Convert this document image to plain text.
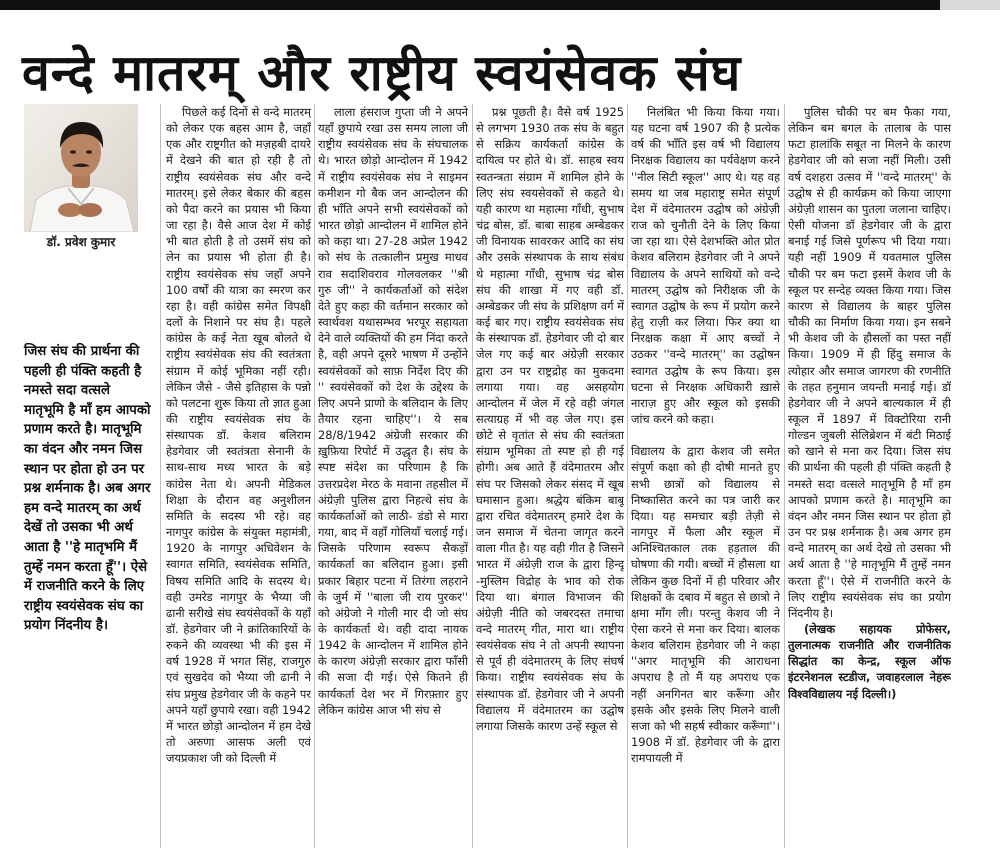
वन्दे मातरम् और राष्ट्रीय स्वयंसेवक संघ
डॉ. प्रवेश कुमार
जिस संघ की प्रार्थना की पहली ही पंक्ति कहती है नमस्ते सदा वत्सले मातृभूमि है माँ हम आपको प्रणाम करते है। मातृभूमि का वंदन और नमन जिस स्थान पर होता हो उन पर प्रश्न शर्मनाक है। अब अगर हम वन्दे मातरम् का अर्थ देखें तो उसका भी अर्थ आता है ''हे मातृभमि मैं तुम्हें नमन करता हूँ''। ऐसे में राजनीति करने के लिए राष्ट्रीय स्वयंसेवक संघ का प्रयोग निंदनीय है।

पिछले कई दिनों से वन्दे मातरम् को लेकर एक बहस आम है, जहाँ एक और राष्ट्रगीत को मज़हबी दायरे में देखने की बात हो रही है तो राष्ट्रीय स्वयंसेवक संघ और वन्दे मातरम्। इसे लेकर बेकार की बहस को पैदा करने का प्रयास भी किया जा रहा है। वैसे आज देश में कोई भी बात होती है तो उसमें संघ को लेन का प्रयास भी होता ही है। राष्ट्रीय स्वयंसेवक संघ जहाँ अपने 100 वर्षों की यात्रा का स्मरण कर रहा है। वही कांग्रेस समेत विपक्षी दलों के निशाने पर संघ है। पहले कांग्रेस के कई नेता खूब बोलते थे राष्ट्रीय स्वयंसेवक संघ की स्वतंत्रता संग्राम में कोई भूमिका नहीं रही। लेकिन जैसे - जैसे इतिहास के पन्नो को पलटना शुरू किया तो ज्ञात हुआ की राष्ट्रीय स्वयंसेवक संघ के संस्थापक डॉ. केशव बलिराम हेडगेवार जी स्वतंत्रता सेनानी के साथ-साथ मध्य भारत के बड़े कांग्रेस नेता थे। अपनी मेडिकल शिक्षा के दौरान वह अनुशीलन समिति के सदस्य भी रहे। वह नागपुर कांग्रेस के संयुक्त महामंत्री, 1920 के नागपुर अधिवेशन के स्वागत समिति, स्वयंसेवक समिति, विषय समिति आदि के सदस्य थे। वही उमरेड नागपुर के भैय्या जी ढानी सरीखे संघ स्वयंसेवकों के यहाँ डॉ. हेडगेवार जी ने क्रांतिकारियों के रुकने की व्यवस्था भी की इस में वर्ष 1928 में भगत सिंह, राजगुरु एवं सुखदेव को भैय्या जी ढानी ने संघ प्रमुख हेडगेवार जी के कहने पर अपने यहाँ छुपाये रखा। वही 1942 में भारत छोड़ो आन्दोलन में हम देखे तो अरुणा आसफ अली एवं जयप्रकाश जी को दिल्ली में

लाला हंसराज गुप्ता जी ने अपने यहाँ छुपाये रखा उस समय लाला जी राष्ट्रीय स्वयंसेवक संघ के संघचालक थे। भारत छोड़ो आन्दोलन में 1942 में राष्ट्रीय स्वयंसेवक संघ ने साइमन कमीशन गो बैक जन आन्दोलन की ही भाँति अपने सभी स्वयंसेवकों को भारत छोड़ो आन्दोलन में शामिल होने को कहा था। 27-28 अप्रेल 1942 को संघ के तत्कालीन प्रमुख माधव राव सदाशिवराव गोलवलकर ''श्री गुरु जी'' ने कार्यकर्ताओं को संदेश देते हुए कहा की वर्तमान सरकार को स्वार्थवश यथासम्भव भरपूर सहायता देने वाले व्यक्तियों की हम निंदा करते है, वही अपने दूसरे भाषण में उन्होंने स्वयंसेवकों को साफ़ निर्देश दिए की '' स्वयंसेवकों को देश के उद्देश्य के लिए अपने प्राणो के बलिदान के लिए तैयार रहना चाहिए''। ये सब 28/8/1942 अंग्रेजी सरकार की ख़ुफ़िया रिपोर्ट में उद्धृत है। संघ के स्पष्ट संदेश का परिणाम है कि उत्तरप्रदेश मेरठ के मवाना तहसील में अंग्रेज़ी पुलिस द्वारा निहत्थे संघ के कार्यकर्ताओं को लाठी- डंडो से मारा गया, बाद में वहाँ गोलियाँ चलाई गई। जिसके परिणाम स्वरूप सैकड़ों कार्यकर्ता का बलिदान हुआ। इसी प्रकार बिहार पटना में तिरंगा लहराने के जुर्म में ''बाला जी राय पुरकर'' को अंग्रेजो ने गोली मार दी जो संघ के कार्यकर्ता थे। वही दादा नायक 1942 के आन्दोलन में शामिल होने के कारण अंग्रेज़ी सरकार द्वारा फाँसी की सजा दी गई। ऐसे कितने ही कार्यकर्ता देश भर में गिरफ़्तार हुए लेकिन कांग्रेस आज भी संघ से

प्रश्न पूछती है। वैसे वर्ष 1925 से लगभग 1930 तक संघ के बहुत से सक्रिय कार्यकर्ता कांग्रेस के दायित्व पर होते थे। डॉ. साहब स्वय स्वतन्त्रता संग्राम में शामिल होने के लिए संघ स्वयसेवकों से कहते थे। यही कारण था महात्मा गाँधी, सुभाष चंद्र बोस, डॉ. बाबा साहब अम्बेडकर जी विनायक सावरकर आदि का संघ और उसके संस्थापक के साथ संबंध थे महात्मा गाँधी, सुभाष चंद्र बोस संघ की शाखा में गए वही डॉ. अम्बेडकर जी संघ के प्रशिक्षण वर्ग में कई बार गए। राष्ट्रीय स्वयंसेवक संघ के संस्थापक डॉ. हेडगेवार जी दो बार जेल गए कई बार अंग्रेज़ी सरकार द्वारा उन पर राष्ट्रद्रोह का मुकदमा लगाया गया। वह असहयोग आन्दोलन में जेल में रहे वही जंगल सत्याग्रह में भी वह जेल गए। इस छोटे से वृतांत से संघ की स्वतंत्रता संग्राम भूमिका तो स्पष्ट हो ही गई होगी। अब आते हैं वंदेमातरम और संघ पर जिसको लेकर संसद में खूब घमासान हुआ। श्रद्धेय बंकिम बाबू द्वारा रचित वंदेमातरम् हमारे देश के जन समाज में चेतना जागृत करने वाला गीत है। यह वही गीत है जिसने भारत में अंग्रेज़ी राज के द्वारा हिन्दू -मुस्लिम विद्रोह के भाव को रोक दिया था। बंगाल विभाजन की अंग्रेज़ी नीति को जबरदस्त तमाचा वन्दे मातरम् गीत, मारा था। राष्ट्रीय स्वयंसेवक संघ ने तो अपनी स्थापना से पूर्व ही वंदेमातरम् के लिए संघर्ष किया। राष्ट्रीय स्वयंसेवक संघ के संस्थापक डॉ. हेडगेवार जी ने अपनी विद्यालय में वंदेमातरम का उद्घोष लगाया जिसके कारण उन्हें स्कूल से

निलंबित भी किया किया गया। यह घटना वर्ष 1907 की है प्रत्येक वर्ष की भाँति इस वर्ष भी विद्यालय निरक्षक विद्यालय का पर्यवेक्षण करने ''नील सिटी स्कूल'' आए थे। यह वह समय था जब महाराष्ट्र समेत संपूर्ण देश में वंदेमातरम उद्घोष को अंग्रेज़ी राज को चुनौती देने के लिए किया जा रहा था। ऐसे देशभक्ति ओत प्रोत केशव बलिराम हेडगेवार जी ने अपने विद्यालय के अपने साथियों को वन्दे मातरम् उद्घोष को निरीक्षक जी के स्वागत उद्घोष के रूप में प्रयोग करने हेतु राज़ी कर लिया। फिर क्या था निरक्षक कक्षा में आए बच्चों ने उठकर ''वन्दे मातरम्'' का उद्घोषन स्वागत उद्घोष के रूप किया। इस घटना से निरक्षक अधिकारी ख़ासे नाराज़ हुए और स्कूल को इसकी जांच करने को कहा।

विद्यालय के द्वारा केशव जी समेत संपूर्ण कक्षा को ही दोषी मानते हुए सभी छात्रों को विद्यालय से निष्कासित करने का पत्र जारी कर दिया। यह समचार बड़ी तेज़ी से नागपुर में फैला और स्कूल में अनिश्चितकाल तक हड़ताल की घोषणा की गयी। बच्चों में हौसला था लेकिन कुछ दिनों में ही परिवार और शिक्षकों के दबाव में बहुत से छात्रो ने क्षमा माँग ली। परन्तु केशव जी ने ऐसा करने से मना कर दिया। बालक केशव बलिराम हेडगेवार जी ने कहा ''अगर मातृभूमि की आराधना अपराध है तो मैं यह अपराध एक नहीं अनगिनत बार करूँगा और इसके और इसके लिए मिलने वाली सजा को भी सहर्ष स्वीकार करूँगा''। 1908 में डॉ. हेडगेवार जी के द्वारा रामपायली में

पुलिस चौकी पर बम फैका गया, लेकिन बम बगल के तालाब के पास फटा हालांकि सबूत ना मिलने के कारण हेडगेवार जी को सजा नहीं मिली। उसी वर्ष दशहरा उत्सव में ''वन्दे मातरम्'' के उद्घोष से ही कार्यक्रम को किया जाएगा अंग्रेज़ी शासन का पुतला जलाना चाहिए। ऐसी योजना डॉ हेडगेवार जी के द्वारा बनाई गई जिसे पूर्णरूप भी दिया गया। यही नहीं 1909 में यवतमाल पुलिस चौकी पर बम फटा इसमें केशव जी के स्कूल पर सन्देह व्यक्त किया गया। जिस कारण से विद्यालय के बाहर पुलिस चौकी का निर्माण किया गया। इन सबने भी केशव जी के हौसलों का पस्त नहीं किया। 1909 में ही हिंदु समाज के त्योहार और समाज जागरण की रणनीति के तहत हनुमान जयन्ती मनाई गई। डॉ हेडगेवार जी ने अपने बाल्यकाल में ही स्कूल में 1897 में विक्टोरिया रानी गोल्डन जुबली सेलिब्रेशन में बंटी मिठाई को खाने से मना कर दिया। जिस संघ की प्रार्थना की पहली ही पंक्ति कहती है नमस्ते सदा वत्सले मातृभूमि है माँ हम आपको प्रणाम करते है। मातृभूमि का वंदन और नमन जिस स्थान पर होता हो उन पर प्रश्न शर्मनाक है। अब अगर हम वन्दे मातरम् का अर्थ देखे तो उसका भी अर्थ आता है ''हे मातृभूमि मैं तुम्हें नमन करता हूँ''। ऐसे में राजनीति करने के लिए राष्ट्रीय स्वयंसेवक संघ का प्रयोग निंदनीय है।

(लेखक सहायक प्रोफेसर, तुलनात्मक राजनीति और राजनीतिक सिद्धांत का केन्द्र, स्कूल ऑफ इंटरनेशनल स्टडीज, जवाहरलाल नेहरू विश्वविद्यालय नई दिल्ली।)
